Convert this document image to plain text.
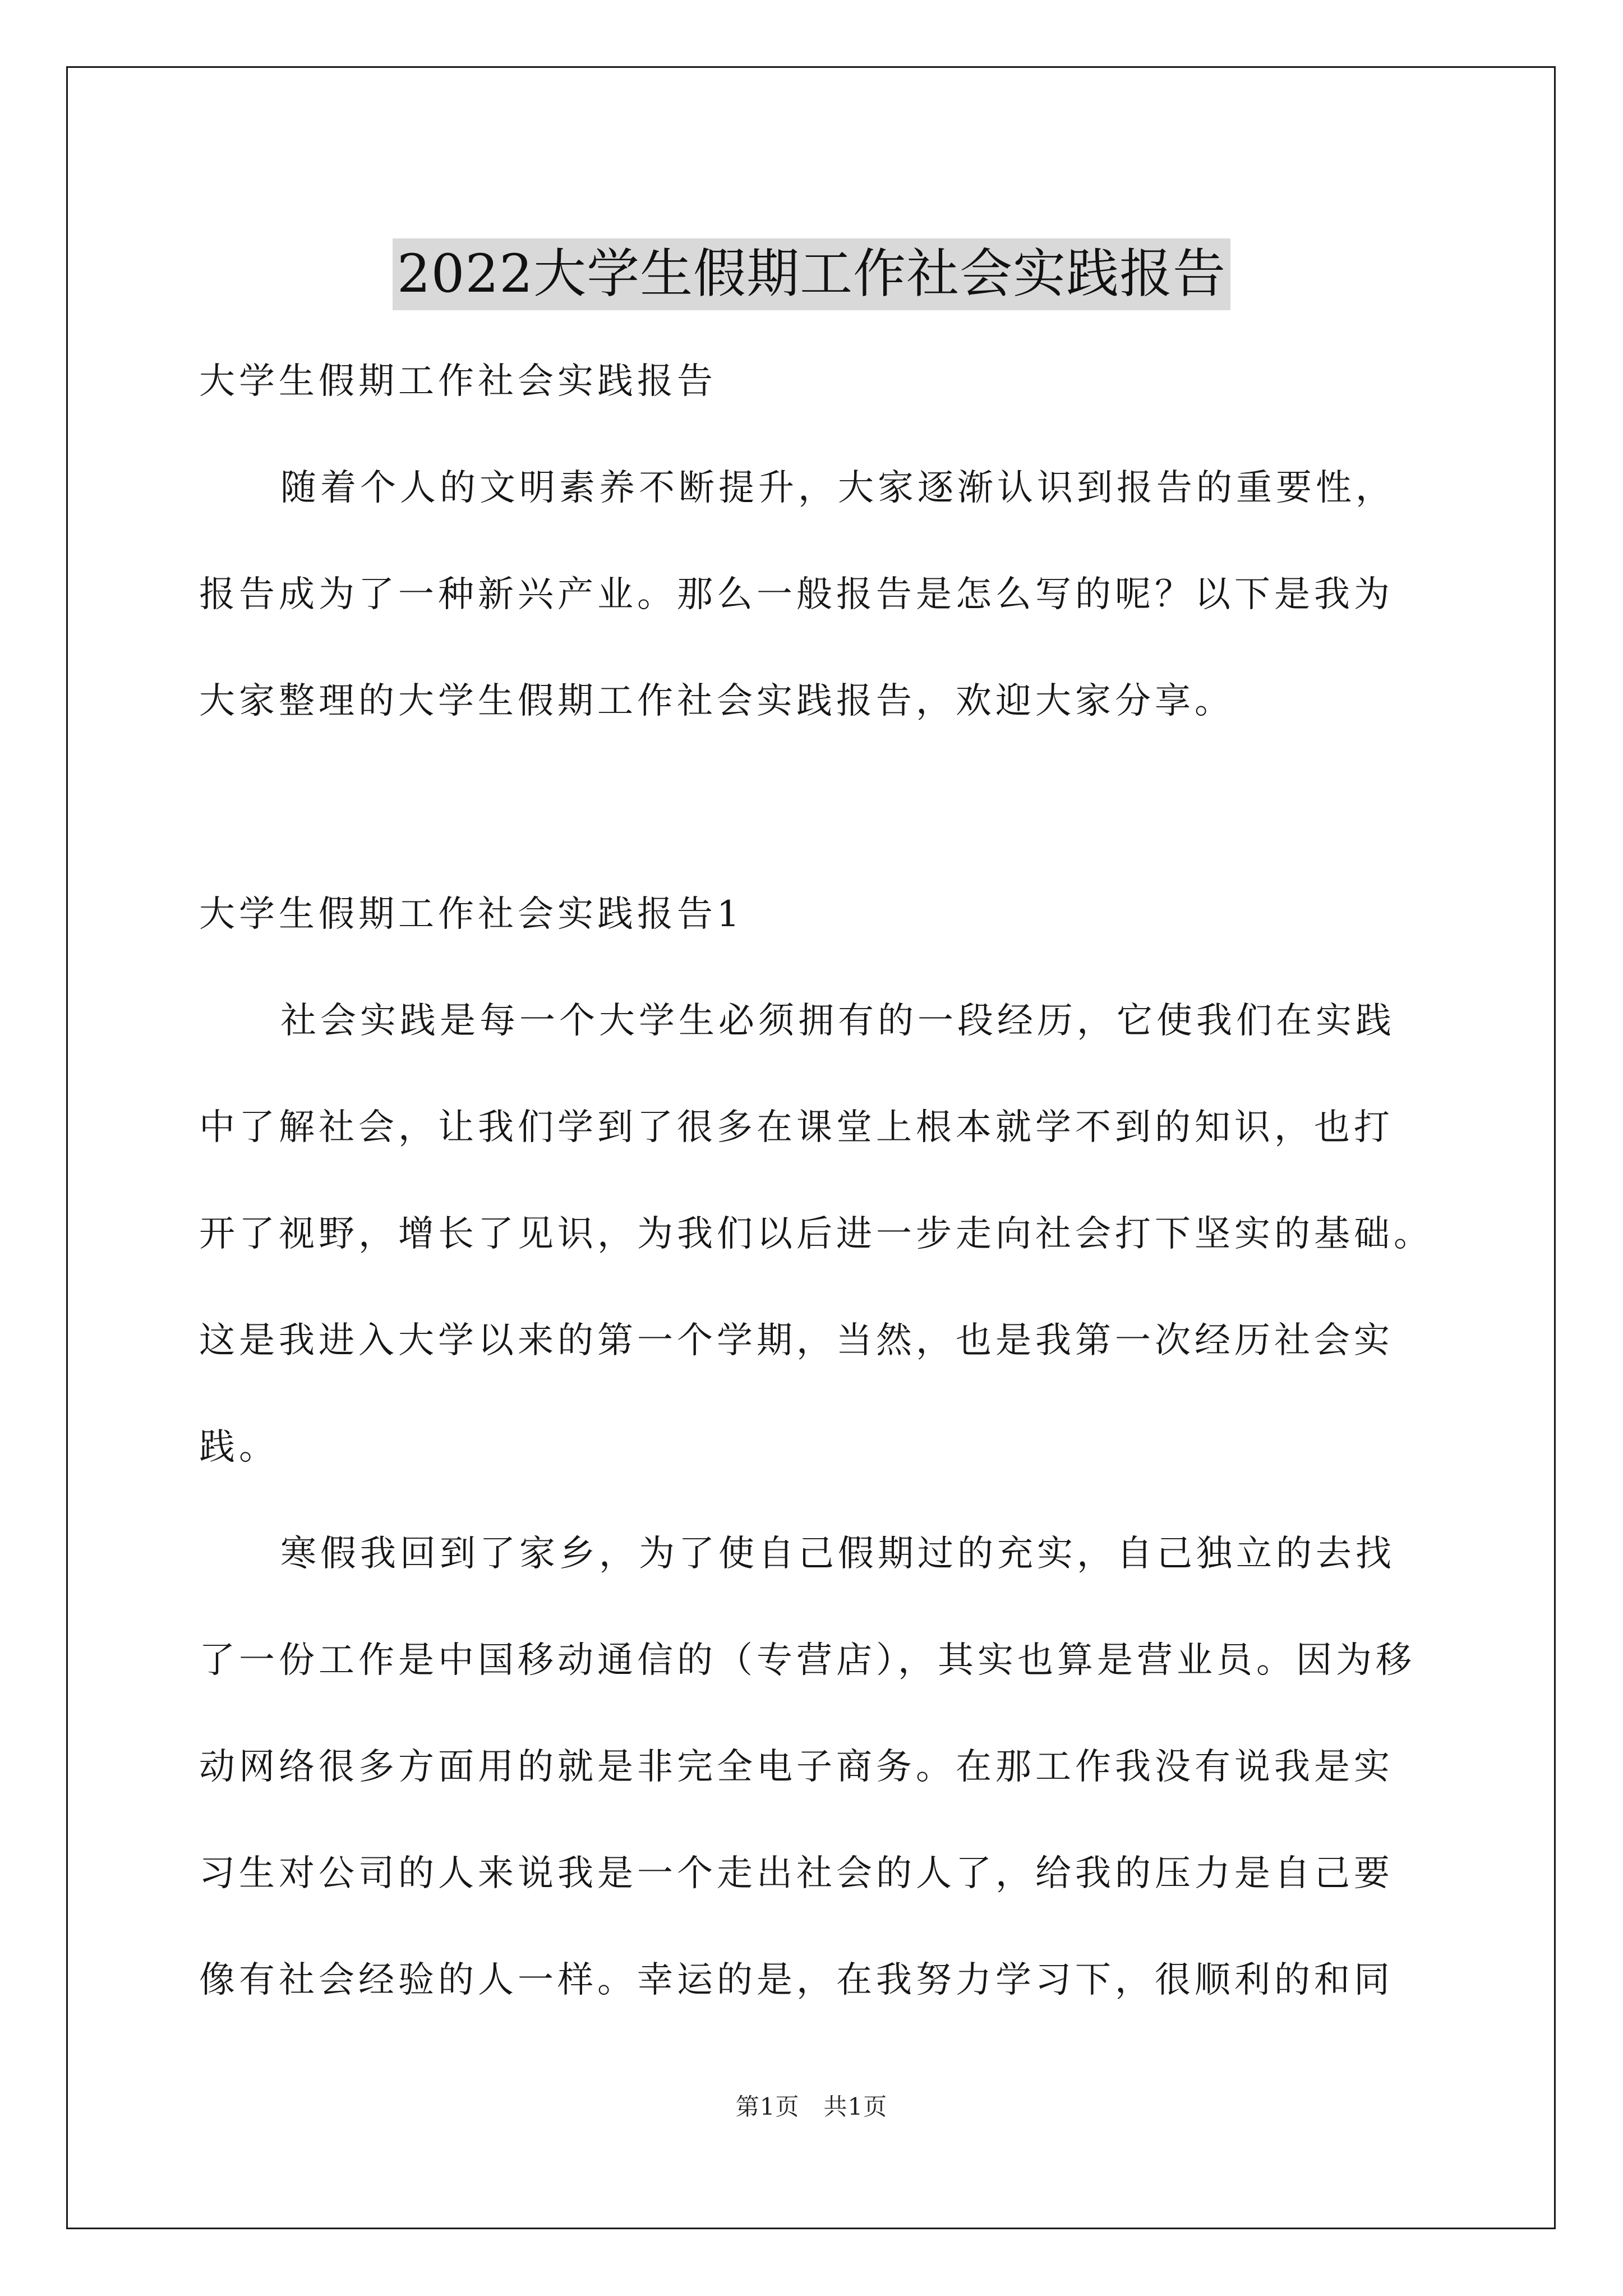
2022大学生假期工作社会实践报告
大学生假期工作社会实践报告
随着个人的文明素养不断提升，大家逐渐认识到报告的重要性，
报告成为了一种新兴产业。那么一般报告是怎么写的呢？以下是我为
大家整理的大学生假期工作社会实践报告，欢迎大家分享。
大学生假期工作社会实践报告1
社会实践是每一个大学生必须拥有的一段经历，它使我们在实践
中了解社会，让我们学到了很多在课堂上根本就学不到的知识，也打
开了视野，增长了见识，为我们以后进一步走向社会打下坚实的基础。
这是我进入大学以来的第一个学期，当然，也是我第一次经历社会实
践。
寒假我回到了家乡，为了使自己假期过的充实，自己独立的去找
了一份工作是中国移动通信的（专营店），其实也算是营业员。因为移
动网络很多方面用的就是非完全电子商务。在那工作我没有说我是实
习生对公司的人来说我是一个走出社会的人了，给我的压力是自己要
像有社会经验的人一样。幸运的是，在我努力学习下，很顺利的和同
第1页　共1页
